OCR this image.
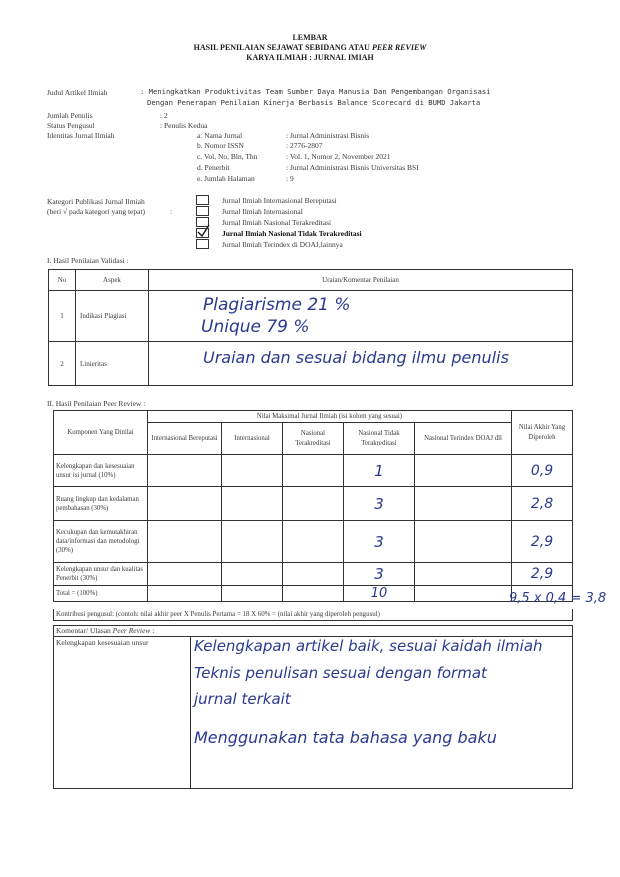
LEMBAR
HASIL PENILAIAN SEJAWAT SEBIDANG ATAU PEER REVIEW
KARYA ILMIAH : JURNAL IMIAH
Judul Artikel Ilmiah	: Meningkatkan Produktivitas Team Sumber Daya Manusia Dan Pengembangan Organisasi
Dengan Penerapan Penilaian Kinerja Berbasis Balance Scorecard di BUMD Jakarta
Jumlah Penulis	: 2
Status Pengusul	: Penulis Kedua
Identitas Jurnal Ilmiah	a. Nama Jurnal	: Jurnal Administrasi Bisnis
b. Nomor ISSN	: 2776-2807
c. Vol, No, Bln, Thn	: Vol. 1, Nomor 2, November 2021
d. Penerbit	: Jurnal Administrasi Bisnis Universitas BSI
e. Jumlah Halaman	: 9
Kategori Publikasi Jurnal Ilmiah
(beri √ pada kategori yang tepat)	:
Jurnal Ilmiah Internasional Bereputasi
Jurnal Ilmiah Internasional
Jurnal Ilmiah Nasional Terakreditasi
Jurnal Ilmiah Nasional Tidak Terakreditasi
Jurnal Ilmiah Terindex di DOAJ,lainnya
I. Hasil Penilaian Validasi :
No	Aspek	Uraian/Komentar Penilaian
1	Indikasi Plagiasi	Plagiarisme 21 %
Unique 79 %

2	Linieritas	Uraian dan sesuai bidang ilmu penulis
II. Hasil Penilaian Peer Review :
Komponen Yang Dinilai	Nilai Maksimal Jurnal Ilmiah (isi kolom yang sesuai)					Nilai Akhir Yang Diperoleh
	Internasional Bereputasi	Internasional	Nasional Terakreditasi	Nasional Tidak Terakreditasi	Nasional Terindex DOAJ dll	
Kelengkapan dan kesesuaian unsur isi jurnal (10%)				1		0,9
Ruang lingkup dan kedalaman pembahasan (30%)				3		2,8
Kecukupan dan kemutakhiran data/informasi dan metodologi (30%)				3		2,9
Kelengkapan unsur dan kualitas Penerbit (30%)				3		2,9
Total = (100%)				10			9,5 x 0,4 = 3,8
Kontribusi pengusul: (contoh: nilai akhir peer X Penulis Pertama = 18 X 60% = (nilai akhir yang diperoleh pengusul)
Komentar/ Ulasan Peer Review :
Kelengkapan kesesuaian unsur	Kelengkapan artikel baik, sesuai kaidah ilmiah
Teknis penulisan sesuai dengan format
jurnal terkait
Menggunakan tata bahasa yang baku
